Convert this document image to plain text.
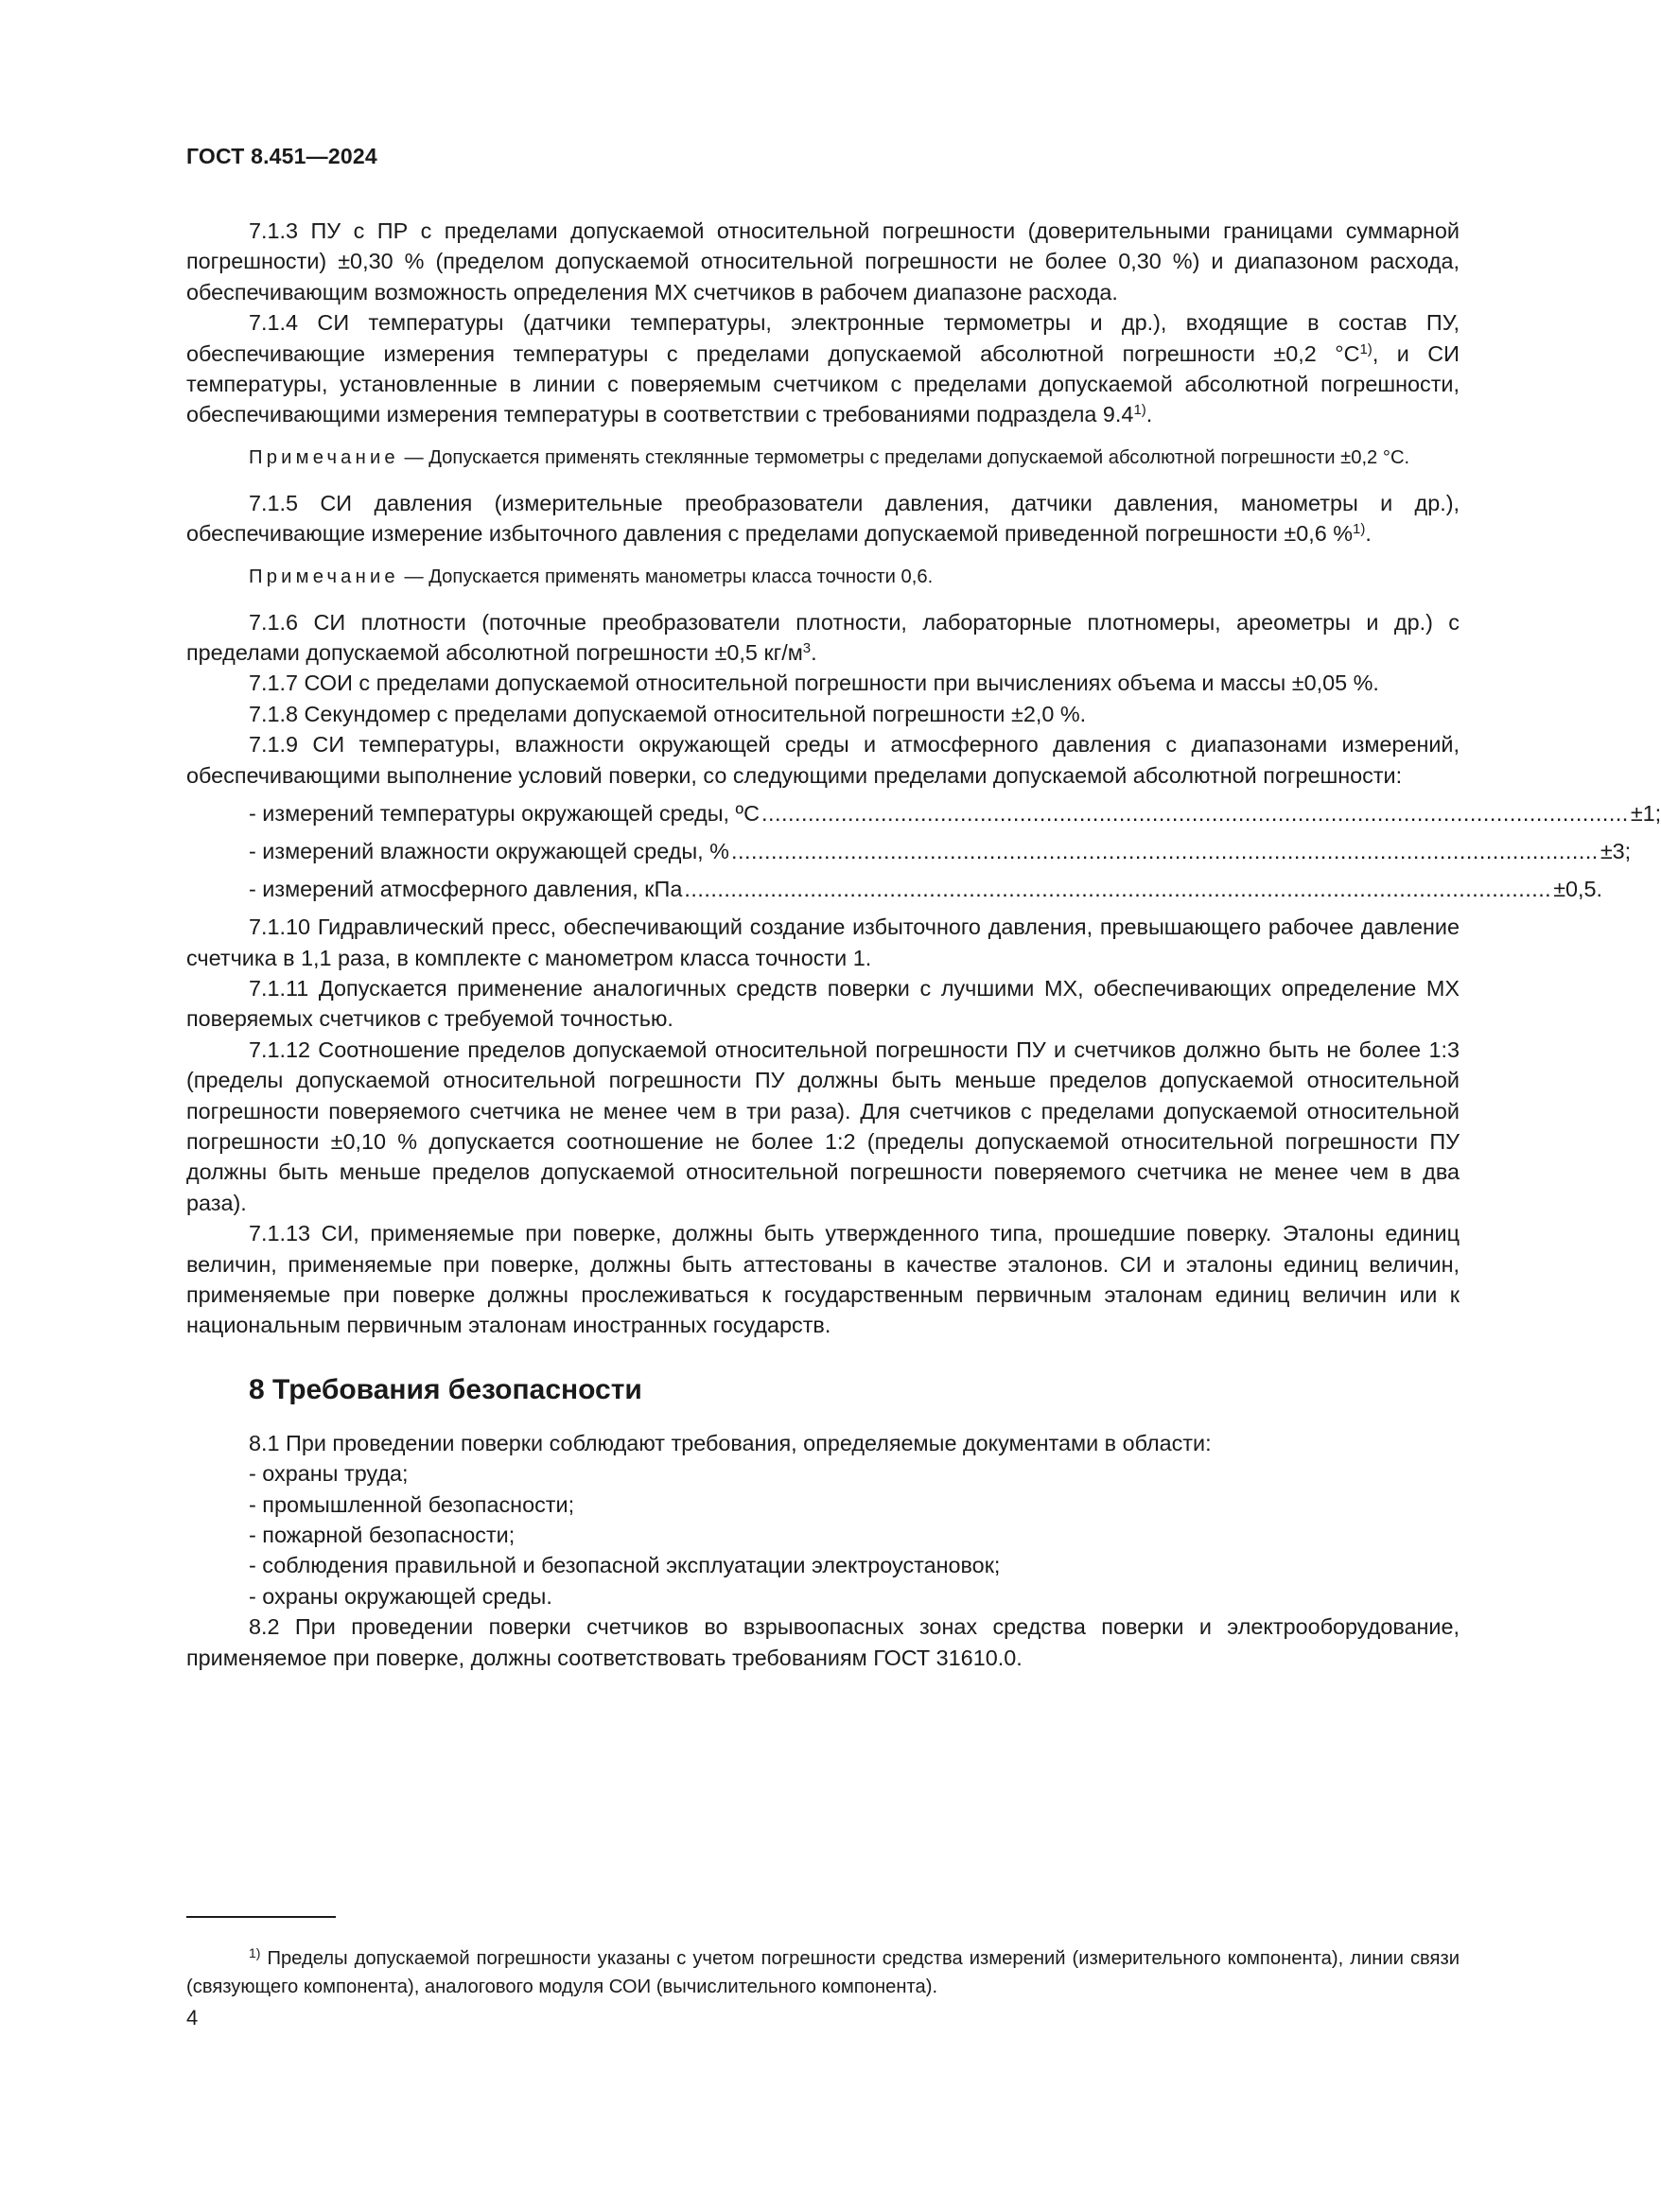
ГОСТ 8.451—2024

7.1.3 ПУ с ПР с пределами допускаемой относительной погрешности (доверительными границами суммарной погрешности) ±0,30 % (пределом допускаемой относительной погрешности не более 0,30 %) и диапазоном расхода, обеспечивающим возможность определения МХ счетчиков в рабочем диапазоне расхода.

7.1.4 СИ температуры (датчики температуры, электронные термометры и др.), входящие в состав ПУ, обеспечивающие измерения температуры с пределами допускаемой абсолютной погрешности ±0,2 $^\circ C^{1)}$, и СИ температуры, установленные в линии с поверяемым счетчиком с пределами допускаемой абсолютной погрешности, обеспечивающими измерения температуры в соответствии с требованиями подраздела 9.4$^{1)}$.

Примечание — Допускается применять стеклянные термометры с пределами допускаемой абсолютной погрешности ±0,2 °C.

7.1.5 СИ давления (измерительные преобразователи давления, датчики давления, манометры и др.), обеспечивающие измерение избыточного давления с пределами допускаемой приведенной погрешности ±0,6 %$^{1)}$.

Примечание — Допускается применять манометры класса точности 0,6.

7.1.6 СИ плотности (поточные преобразователи плотности, лабораторные плотномеры, ареометры и др.) с пределами допускаемой абсолютной погрешности ±0,5 $кг/м^3$.

7.1.7 СОИ с пределами допускаемой относительной погрешности при вычислениях объема и массы ±0,05 %.

7.1.8 Секундомер с пределами допускаемой относительной погрешности ±2,0 %.

7.1.9 СИ температуры, влажности окружающей среды и атмосферного давления с диапазонами измерений, обеспечивающими выполнение условий поверки, со следующими пределами допускаемой абсолютной погрешности:

- измерений температуры окружающей среды, ºС ................................................................................................................................... ±1;
- измерений влажности окружающей среды, % ................................................................................................................................... ±3;
- измерений атмосферного давления, кПа ................................................................................................................................... ±0,5.

7.1.10 Гидравлический пресс, обеспечивающий создание избыточного давления, превышающего рабочее давление счетчика в 1,1 раза, в комплекте с манометром класса точности 1.

7.1.11 Допускается применение аналогичных средств поверки с лучшими МХ, обеспечивающих определение МХ поверяемых счетчиков с требуемой точностью.

7.1.12 Соотношение пределов допускаемой относительной погрешности ПУ и счетчиков должно быть не более 1:3 (пределы допускаемой относительной погрешности ПУ должны быть меньше пределов допускаемой относительной погрешности поверяемого счетчика не менее чем в три раза). Для счетчиков с пределами допускаемой относительной погрешности ±0,10 % допускается соотношение не более 1:2 (пределы допускаемой относительной погрешности ПУ должны быть меньше пределов допускаемой относительной погрешности поверяемого счетчика не менее чем в два раза).

7.1.13 СИ, применяемые при поверке, должны быть утвержденного типа, прошедшие поверку. Эталоны единиц величин, применяемые при поверке, должны быть аттестованы в качестве эталонов. СИ и эталоны единиц величин, применяемые при поверке должны прослеживаться к государственным первичным эталонам единиц величин или к национальным первичным эталонам иностранных государств.

8 Требования безопасности

8.1 При проведении поверки соблюдают требования, определяемые документами в области:

- охраны труда;

- промышленной безопасности;

- пожарной безопасности;

- соблюдения правильной и безопасной эксплуатации электроустановок;

- охраны окружающей среды.

8.2 При проведении поверки счетчиков во взрывоопасных зонах средства поверки и электрооборудование, применяемое при поверке, должны соответствовать требованиям ГОСТ 31610.0.

$^{1)}$ Пределы допускаемой погрешности указаны с учетом погрешности средства измерений (измерительного компонента), линии связи (связующего компонента), аналогового модуля СОИ (вычислительного компонента).

4
